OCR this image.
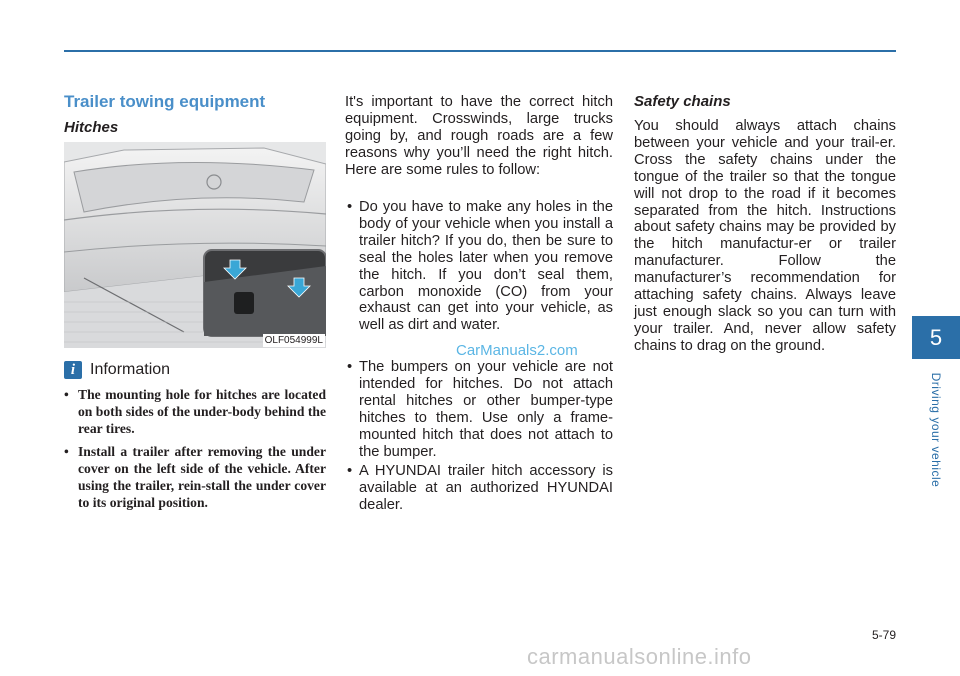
Trailer towing equipment
Hitches
OLF054999L
i Information
• The mounting hole for hitches are located on both sides of the under-body behind the rear tires.
• Install a trailer after removing the under cover on the left side of the vehicle. After using the trailer, rein-stall the under cover to its original position.

It's important to have the correct hitch equipment. Crosswinds, large trucks going by, and rough roads are a few reasons why you’ll need the right hitch. Here are some rules to follow:

• Do you have to make any holes in the body of your vehicle when you install a trailer hitch? If you do, then be sure to seal the holes later when you remove the hitch. If you don’t seal them, carbon monoxide (CO) from your exhaust can get into your vehicle, as well as dirt and water.
• The bumpers on your vehicle are not intended for hitches. Do not attach rental hitches or other bumper-type hitches to them. Use only a frame-mounted hitch that does not attach to the bumper.
• A HYUNDAI trailer hitch accessory is available at an authorized HYUNDAI dealer.
Safety chains

You should always attach chains between your vehicle and your trail-er. Cross the safety chains under the tongue of the trailer so that the tongue will not drop to the road if it becomes separated from the hitch. Instructions about safety chains may be provided by the hitch manufactur-er or trailer manufacturer. Follow the manufacturer’s recommendation for attaching safety chains. Always leave just enough slack so you can turn with your trailer. And, never allow safety chains to drag on the ground.

CarManuals2.com
carmanualsonline.info
5
Driving your vehicle
5-79
